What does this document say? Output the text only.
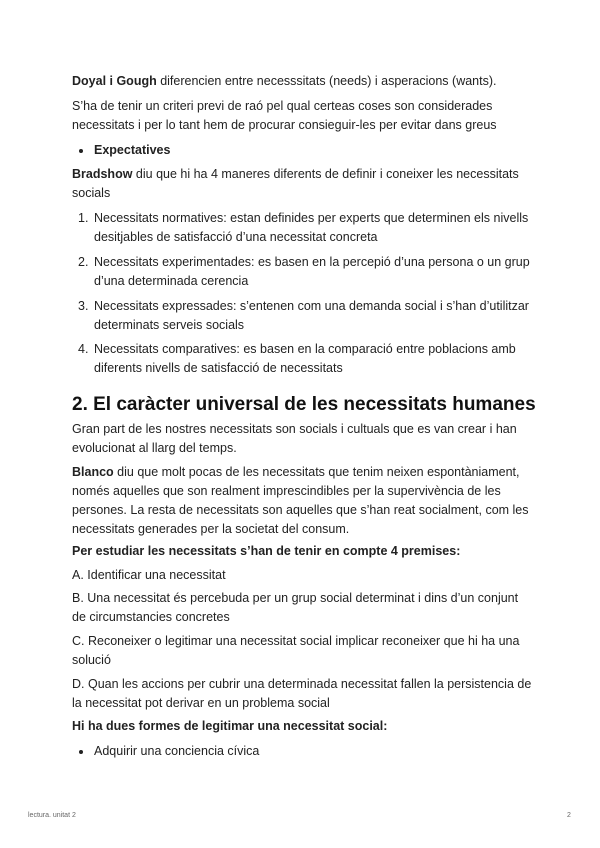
Doyal i Gough diferencien entre necesssitats (needs) i asperacions (wants).

S’ha de tenir un criteri previ de raó pel qual certeas coses son considerades necessitats i per lo tant hem de procurar consieguir-les per evitar dans greus

Expectatives

Bradshow diu que hi ha 4 maneres diferents de definir i coneixer les necessitats socials

1. Necessitats normatives: estan definides per experts que determinen els nivells desitjables de satisfacció d’una necessitat concreta
2. Necessitats experimentades: es basen en la percepió d’una persona o un grup d’una determinada cerencia
3. Necessitats expressades: s’entenen com una demanda social i s’han d’utilitzar determinats serveis socials
4. Necessitats comparatives: es basen en la comparació entre poblacions amb diferents nivells de satisfacció de necessitats
2. El caràcter universal de les necessitats humanes

Gran part de les nostres necessitats son socials i cultuals que es van crear i han evolucionat al llarg del temps.

Blanco diu que molt pocas de les necessitats que tenim neixen espontàniament, només aquelles que son realment imprescindibles per la supervivència de les persones. La resta de necessitats son aquelles que s’han reat socialment, com les necessitats generades per la societat del consum.

Per estudiar les necessitats s’han de tenir en compte 4 premises:

A. Identificar una necessitat

B. Una necessitat és percebuda per un grup social determinat i dins d’un conjunt de circumstancies concretes

C. Reconeixer o legitimar una necessitat social implicar reconeixer que hi ha una solució

D. Quan les accions per cubrir una determinada necessitat fallen la persistencia de la necessitat pot derivar en un problema social

Hi ha dues formes de legitimar una necessitat social:

Adquirir una conciencia cívica
lectura. unitat 2	2
